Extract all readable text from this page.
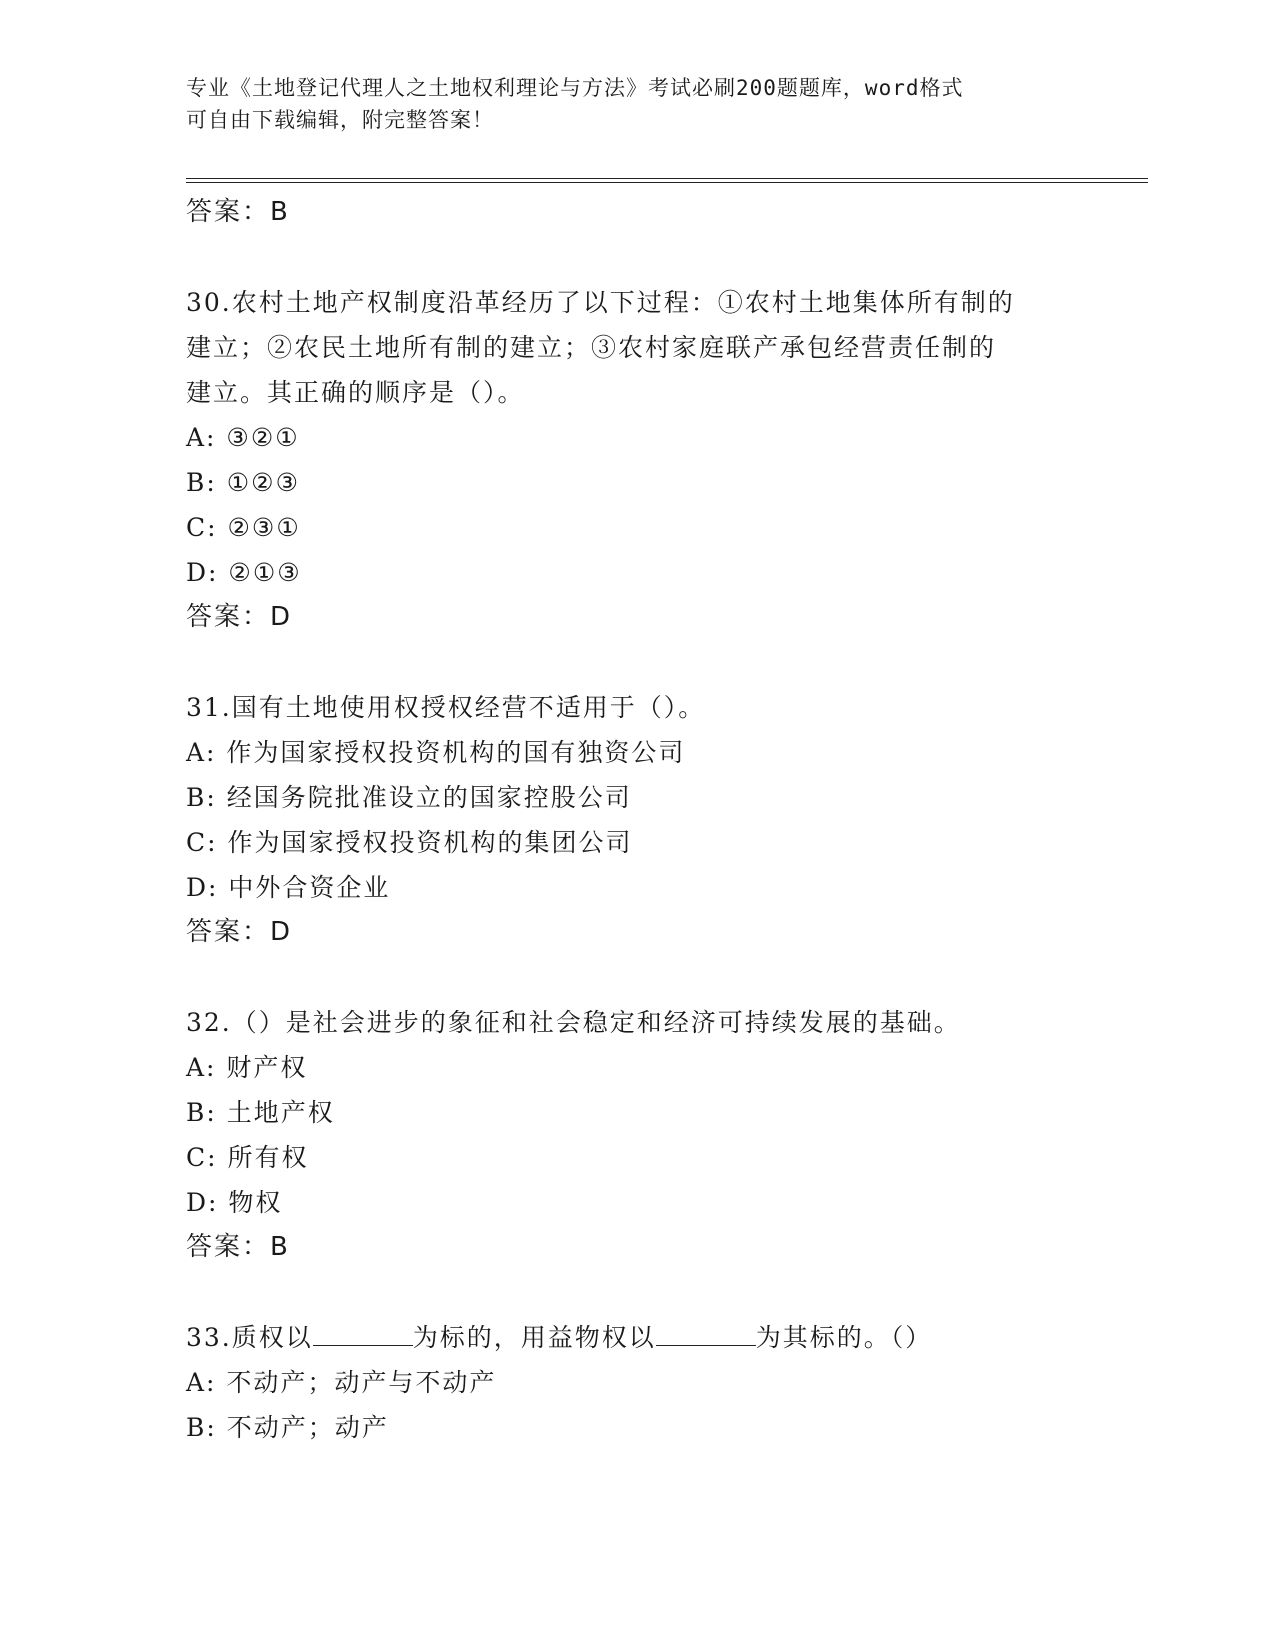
专业《土地登记代理人之土地权利理论与方法》考试必刷200题题库，word格式
可自由下载编辑，附完整答案！
答案：B
30.农村土地产权制度沿革经历了以下过程：①农村土地集体所有制的
建立；②农民土地所有制的建立；③农村家庭联产承包经营责任制的
建立。其正确的顺序是（）。
A: ③②①
B: ①②③
C: ②③①
D: ②①③
答案：D
31.国有土地使用权授权经营不适用于（）。
A: 作为国家授权投资机构的国有独资公司
B: 经国务院批准设立的国家控股公司
C: 作为国家授权投资机构的集团公司
D: 中外合资企业
答案：D
32.（）是社会进步的象征和社会稳定和经济可持续发展的基础。
A: 财产权
B: 土地产权
C: 所有权
D: 物权
答案：B
33.质权以	为标的，用益物权以	为其标的。（）
A: 不动产；动产与不动产
B: 不动产；动产
